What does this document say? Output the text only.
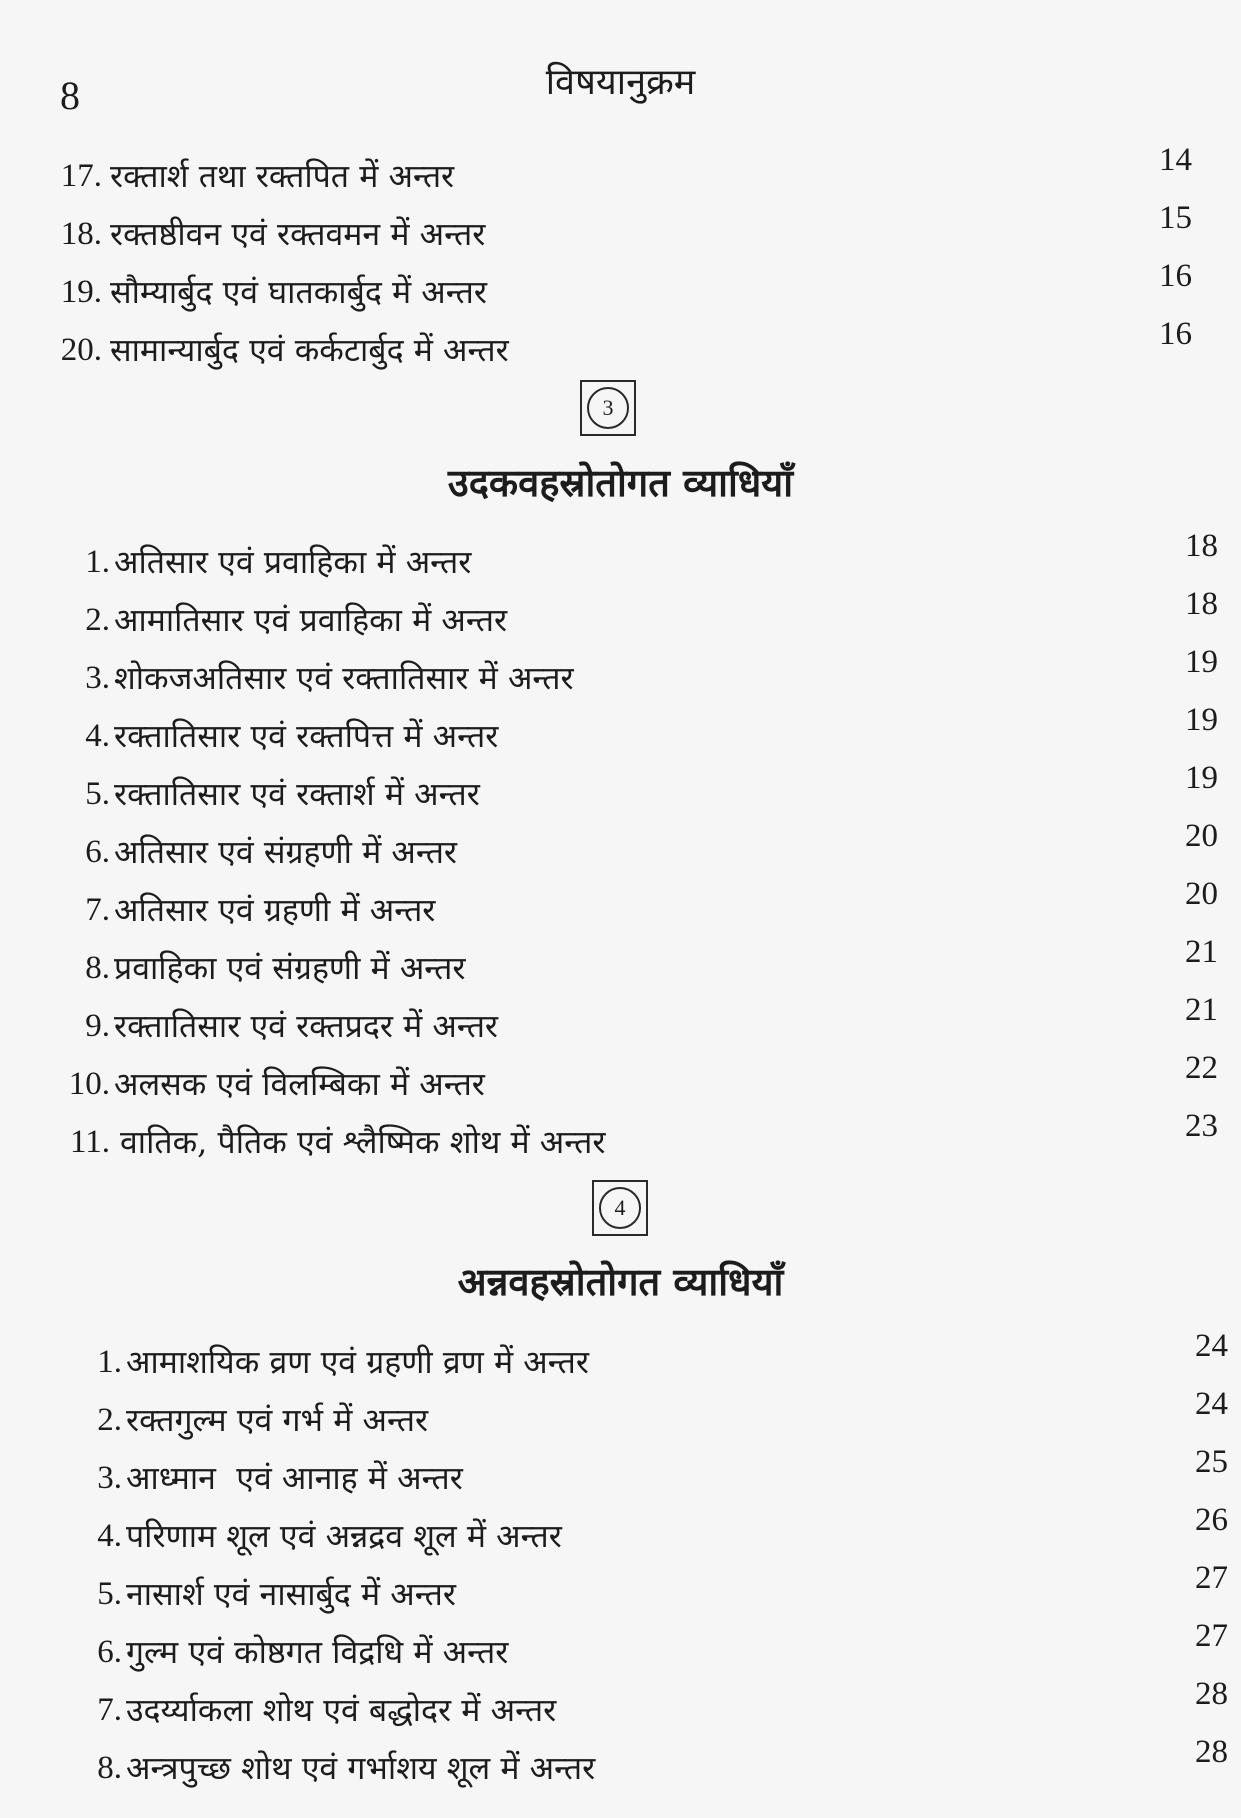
8	विषयानुक्रम
17. रक्तार्श तथा रक्तपित में अन्तर	14
18. रक्तष्ठीवन एवं रक्तवमन में अन्तर	15
19. सौम्यार्बुद एवं घातकार्बुद में अन्तर	16
20. सामान्यार्बुद एवं कर्कटार्बुद में अन्तर	16
3
उदकवहस्रोतोगत व्याधियाँ
1. अतिसार एवं प्रवाहिका में अन्तर	18
2. आमातिसार एवं प्रवाहिका में अन्तर	18
3. शोकजअतिसार एवं रक्तातिसार में अन्तर	19
4. रक्तातिसार एवं रक्तपित्त में अन्तर	19
5. रक्तातिसार एवं रक्तार्श में अन्तर	19
6. अतिसार एवं संग्रहणी में अन्तर	20
7. अतिसार एवं ग्रहणी में अन्तर	20
8. प्रवाहिका एवं संग्रहणी में अन्तर	21
9. रक्तातिसार एवं रक्तप्रदर में अन्तर	21
10. अलसक एवं विलम्बिका में अन्तर	22
11. वातिक, पैतिक एवं श्लैष्मिक शोथ में अन्तर	23
4
अन्नवहस्रोतोगत व्याधियाँ
1. आमाशयिक व्रण एवं ग्रहणी व्रण में अन्तर	24
2. रक्तगुल्म एवं गर्भ में अन्तर	24
3. आध्मान  एवं आनाह में अन्तर	25
4. परिणाम शूल एवं अन्नद्रव शूल में अन्तर	26
5. नासार्श एवं नासार्बुद में अन्तर	27
6. गुल्म एवं कोष्ठगत विद्रधि में अन्तर	27
7. उदर्य्याकला शोथ एवं बद्धोदर में अन्तर	28
8. अन्त्रपुच्छ शोथ एवं गर्भाशय शूल में अन्तर	28
